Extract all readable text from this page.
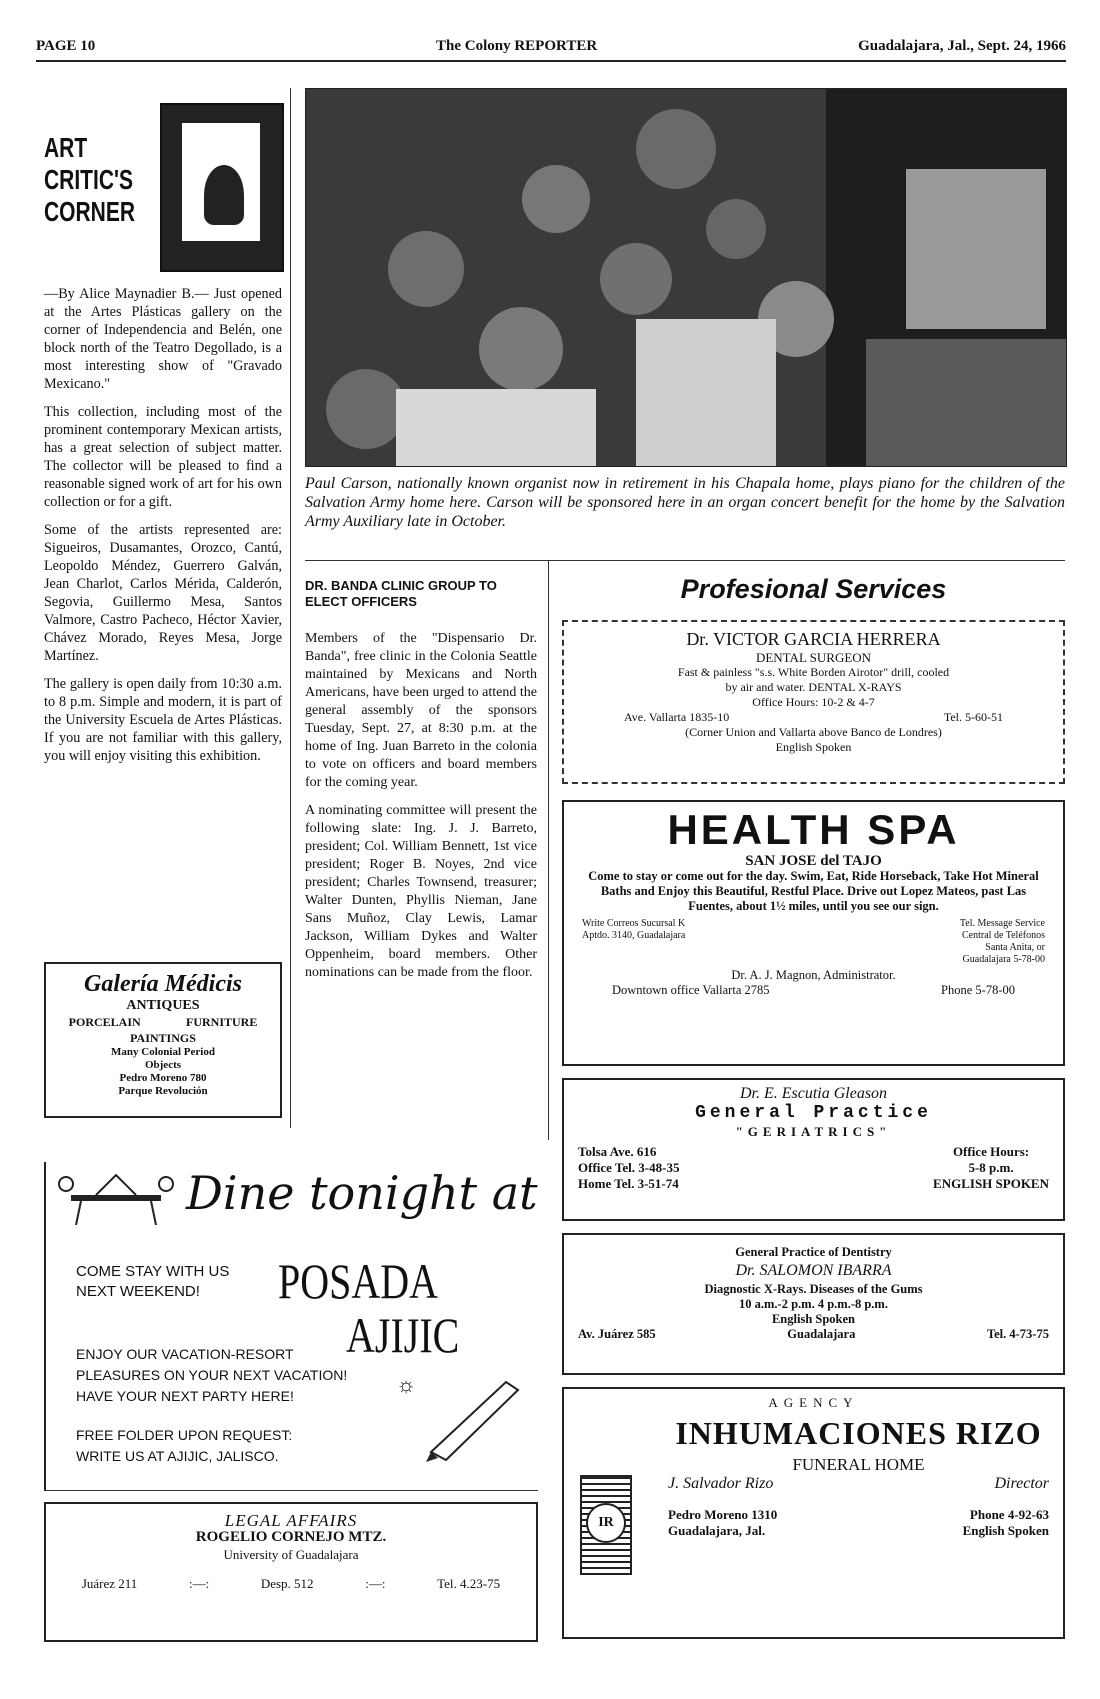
PAGE 10	The Colony REPORTER	Guadalajara, Jal., Sept. 24, 1966
ART
CRITIC'S
CORNER

—By Alice Maynadier B.— Just opened at the Artes Plásticas gallery on the corner of Independencia and Belén, one block north of the Teatro Degollado, is a most interesting show of "Gravado Mexicano."

This collection, including most of the prominent contemporary Mexican artists, has a great selection of subject matter. The collector will be pleased to find a reasonable signed work of art for his own collection or for a gift.

Some of the artists represented are: Sigueiros, Dusamantes, Orozco, Cantú, Leopoldo Méndez, Guerrero Galván, Jean Charlot, Carlos Mérida, Calderón, Segovia, Guillermo Mesa, Santos Valmore, Castro Pacheco, Héctor Xavier, Chávez Morado, Reyes Mesa, Jorge Martínez.

The gallery is open daily from 10:30 a.m. to 8 p.m. Simple and modern, it is part of the University Escuela de Artes Plásticas. If you are not familiar with this gallery, you will enjoy visiting this exhibition.

Galería Médicis
ANTIQUES
PORCELAIN	FURNITURE
PAINTINGS
Many Colonial Period
Objects
Pedro Moreno 780
Parque Revolución
Paul Carson, nationally known organist now in retirement in his Chapala home, plays piano for the children of the Salvation Army home here. Carson will be sponsored here in an organ concert benefit for the home by the Salvation Army Auxiliary late in October.
DR. BANDA CLINIC GROUP TO ELECT OFFICERS

Members of the "Dispensario Dr. Banda", free clinic in the Colonia Seattle maintained by Mexicans and North Americans, have been urged to attend the general assembly of the sponsors Tuesday, Sept. 27, at 8:30 p.m. at the home of Ing. Juan Barreto in the colonia to vote on officers and board members for the coming year.

A nominating committee will present the following slate: Ing. J. J. Barreto, president; Col. William Bennett, 1st vice president; Roger B. Noyes, 2nd vice president; Charles Townsend, treasurer; Walter Dunten, Phyllis Nieman, Jane Sans Muñoz, Clay Lewis, Lamar Jackson, William Dykes and Walter Oppenheim, board members. Other nominations can be made from the floor.

Profesional Services
Dr. VICTOR GARCIA HERRERA
DENTAL SURGEON
Fast & painless "s.s. White Borden Airotor" drill, cooled
by air and water. DENTAL X-RAYS
Office Hours: 10-2 & 4-7
Ave. Vallarta 1835-10	Tel. 5-60-51
(Corner Union and Vallarta above Banco de Londres)
English Spoken
HEALTH SPA
SAN JOSE del TAJO
Come to stay or come out for the day. Swim, Eat, Ride Horseback, Take Hot Mineral Baths and Enjoy this Beautiful, Restful Place. Drive out Lopez Mateos, past Las Fuentes, about 1½ miles, until you see our sign.
Write Correos Sucursal K
Aptdo. 3140, Guadalajara
Tel. Message Service
Central de Teléfonos
Santa Anita, or
Guadalajara 5-78-00
Dr. A. J. Magnon, Administrator.
Downtown office Vallarta 2785	Phone 5-78-00
Dr. E. Escutia Gleason
General Practice
"GERIATRICS"
Tolsa Ave. 616
Office Tel. 3-48-35
Home Tel. 3-51-74
Office Hours:
5-8 p.m.
ENGLISH SPOKEN
General Practice of Dentistry
Dr. SALOMON IBARRA
Diagnostic X-Rays. Diseases of the Gums
10 a.m.-2 p.m. 4 p.m.-8 p.m.
English Spoken
Av. Juárez 585	Guadalajara	Tel. 4-73-75
AGENCY
IR
INHUMACIONES RIZO
FUNERAL HOME
J. Salvador Rizo	Director
Pedro Moreno 1310	Phone 4-92-63
Guadalajara, Jal.	English Spoken
Dine tonight at
COME STAY WITH US
NEXT WEEKEND!	POSADA
AJIJIC
ENJOY OUR VACATION-RESORT
PLEASURES ON YOUR NEXT VACATION!
HAVE YOUR NEXT PARTY HERE!
FREE FOLDER UPON REQUEST:
WRITE US AT AJIJIC, JALISCO.
☼
LEGAL AFFAIRS
ROGELIO CORNEJO MTZ.
University of Guadalajara
Juárez 211	:—:	Desp. 512	:—:	Tel. 4.23-75
